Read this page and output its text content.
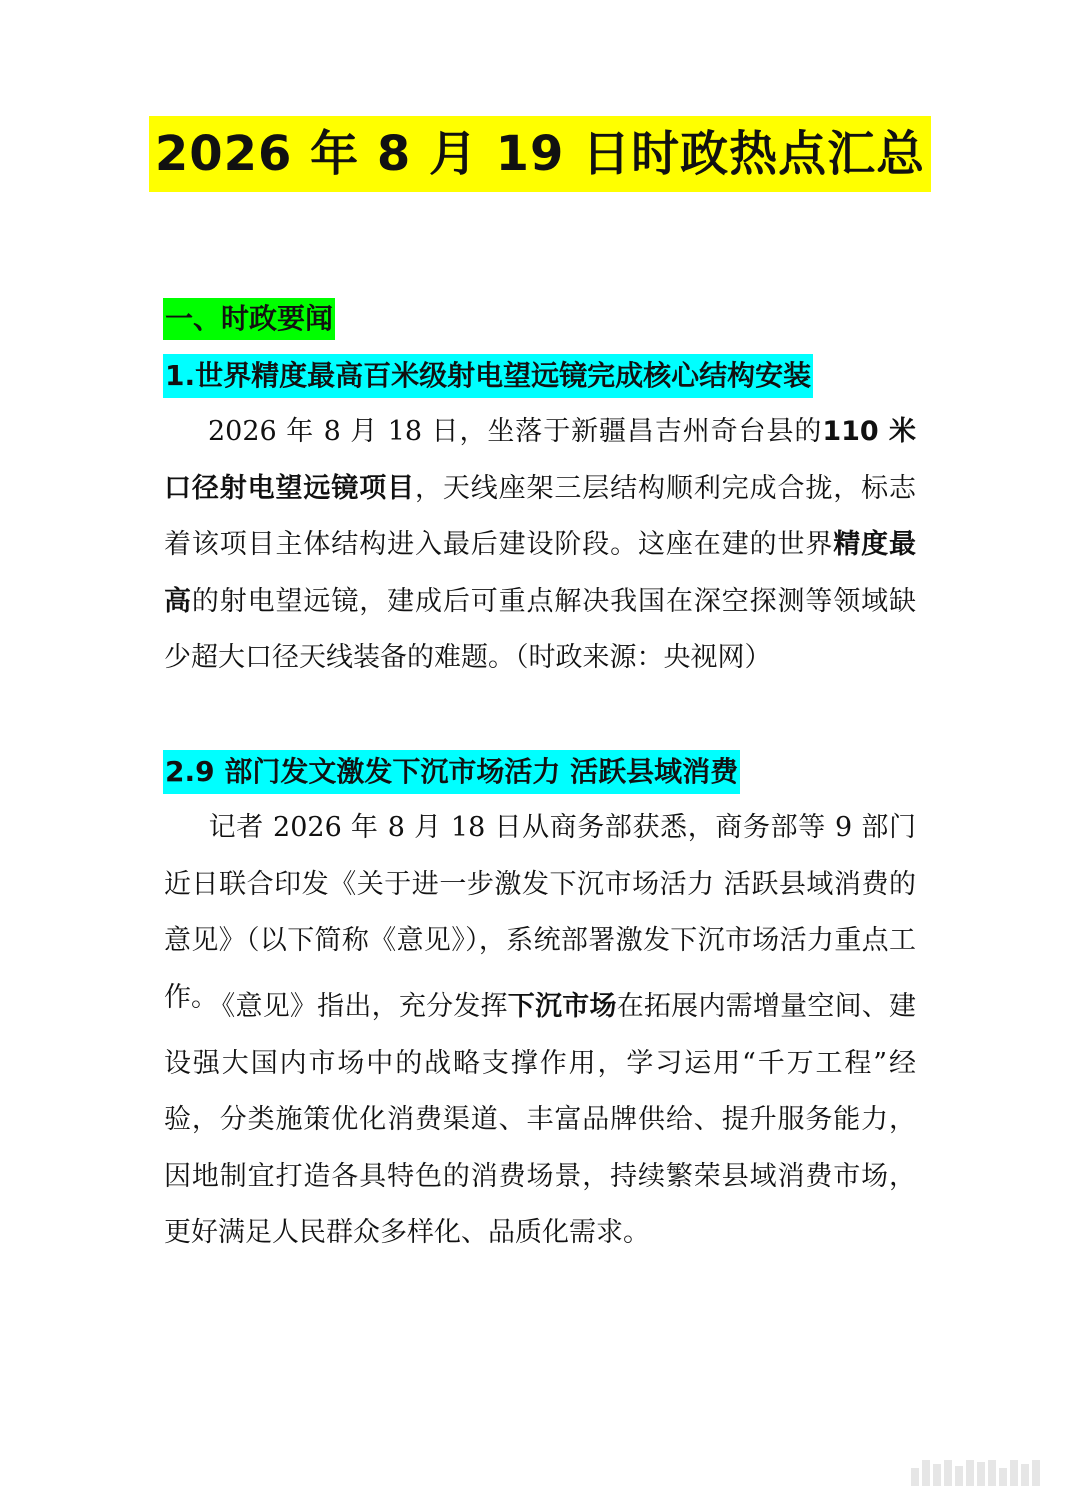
2026 年 8 月 19 日时政热点汇总
一、时政要闻
1.世界精度最高百米级射电望远镜完成核心结构安装
2026 年 8 月 18 日，坐落于新疆昌吉州奇台县的110 米口径射电望远镜项目，天线座架三层结构顺利完成合拢，标志着该项目主体结构进入最后建设阶段。这座在建的世界精度最高的射电望远镜，建成后可重点解决我国在深空探测等领域缺少超大口径天线装备的难题。（时政来源：央视网）
2.9 部门发文激发下沉市场活力 活跃县域消费
记者 2026 年 8 月 18 日从商务部获悉，商务部等 9 部门近日联合印发《关于进一步激发下沉市场活力 活跃县域消费的意见》（以下简称《意见》），系统部署激发下沉市场活力重点工作。
《意见》指出，充分发挥下沉市场在拓展内需增量空间、建设强大国内市场中的战略支撑作用，学习运用“千万工程”经验，分类施策优化消费渠道、丰富品牌供给、提升服务能力，因地制宜打造各具特色的消费场景，持续繁荣县域消费市场，更好满足人民群众多样化、品质化需求。
